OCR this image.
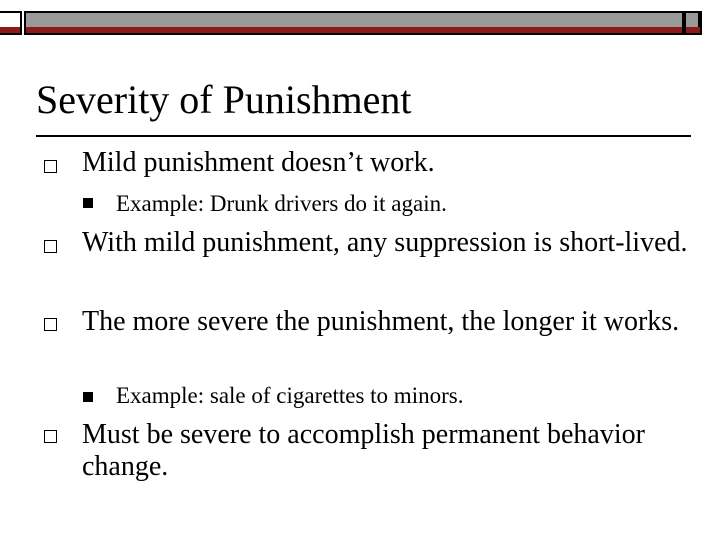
Severity of Punishment

Mild punishment doesn’t work.

Example: Drunk drivers do it again.

With mild punishment, any suppression is short-lived.

The more severe the punishment, the longer it works.

Example: sale of cigarettes to minors.

Must be severe to accomplish permanent behavior change.
